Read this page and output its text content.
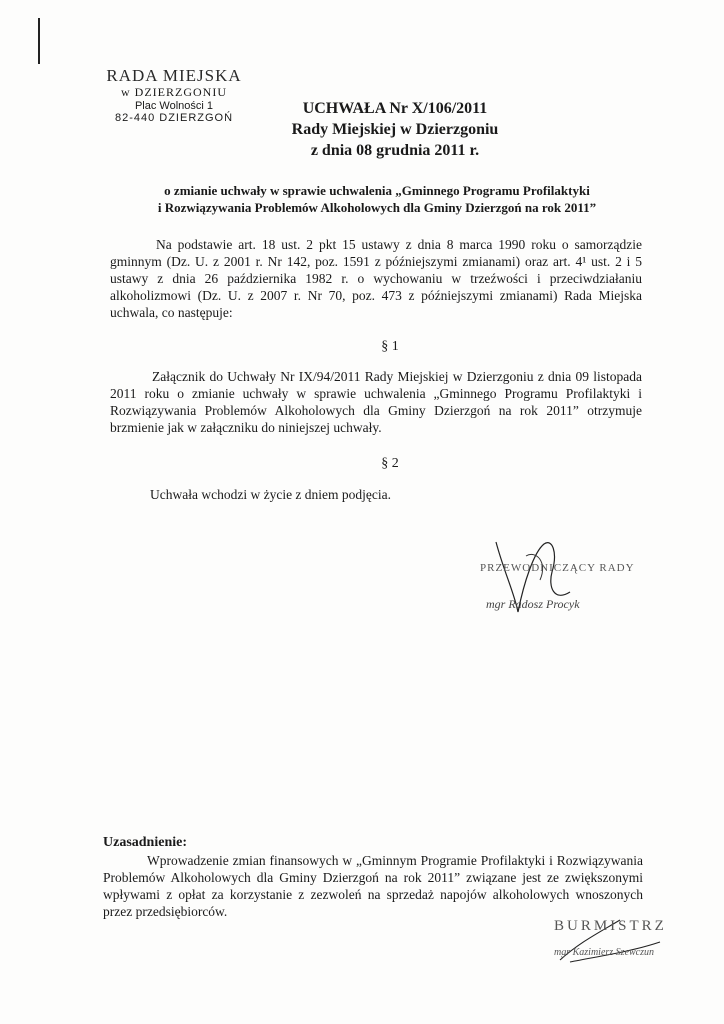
RADA MIEJSKA
w DZIERZGONIU
Plac Wolności 1
82-440 DZIERZGOŃ
UCHWAŁA Nr X/106/2011
Rady Miejskiej w Dzierzgoniu
z dnia 08 grudnia 2011 r.
o zmianie uchwały w sprawie uchwalenia „Gminnego Programu Profilaktyki
i Rozwiązywania Problemów Alkoholowych dla Gminy Dzierzgoń na rok 2011”
Na podstawie art. 18 ust. 2 pkt 15 ustawy z dnia 8 marca 1990 roku o samorządzie gminnym (Dz. U. z 2001 r. Nr 142, poz. 1591 z późniejszymi zmianami) oraz art. 4¹ ust. 2 i 5 ustawy z dnia 26 października 1982 r. o wychowaniu w trzeźwości i przeciwdziałaniu alkoholizmowi (Dz. U. z 2007 r. Nr 70, poz. 473 z późniejszymi zmianami) Rada Miejska uchwala, co następuje:
§ 1
Załącznik do Uchwały Nr IX/94/2011 Rady Miejskiej w Dzierzgoniu z dnia 09 listopada 2011 roku o zmianie uchwały w sprawie uchwalenia „Gminnego Programu Profilaktyki i Rozwiązywania Problemów Alkoholowych dla Gminy Dzierzgoń na rok 2011” otrzymuje brzmienie jak w załączniku do niniejszej uchwały.
§ 2
Uchwała wchodzi w życie z dniem podjęcia.
PRZEWODNICZĄCY RADY
mgr Radosz Procyk
Uzasadnienie:
Wprowadzenie zmian finansowych w „Gminnym Programie Profilaktyki i Rozwiązywania Problemów Alkoholowych dla Gminy Dzierzgoń na rok 2011” związane jest ze zwiększonymi wpływami z opłat za korzystanie z zezwoleń na sprzedaż napojów alkoholowych wnoszonych przez przedsiębiorców.
BURMISTRZ
mgr Kazimierz Szewczun
